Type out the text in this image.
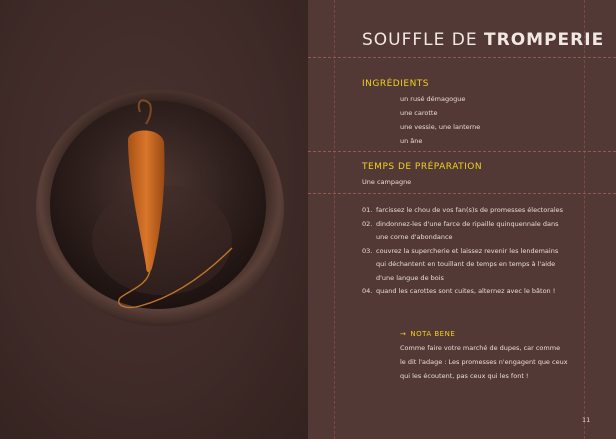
SOUFFLE DE TROMPERIE
INGRÉDIENTS
un rusé démagogue
une carotte
une vessie, une lanterne
un âne
TEMPS DE PRÉPARATION
Une campagne
01. farcissez le chou de vos fan(s)s de promesses électorales
02. dindonnez-les d'une farce de ripaille quinquennale dans
une corne d'abondance
03. couvrez la supercherie et laissez revenir les lendemains
qui déchantent en touillant de temps en temps à l'aide
d'une langue de bois
04. quand les carottes sont cuites, alternez avec le bâton !
→ NOTA BENE
Comme faire votre marché de dupes, car comme
le dit l'adage : Les promesses n'engagent que ceux
qui les écoutent, pas ceux qui les font !
11
